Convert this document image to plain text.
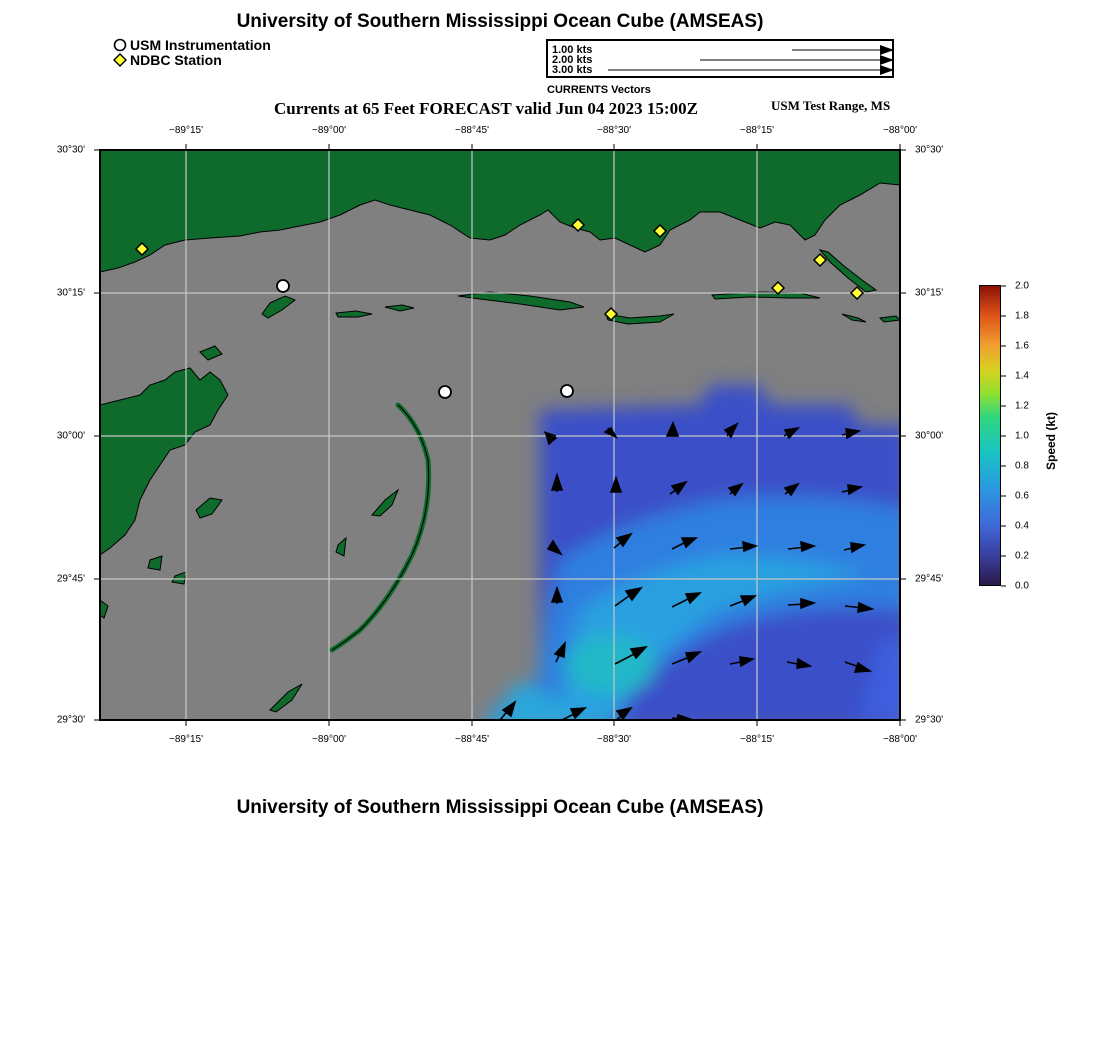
University of Southern Mississippi Ocean Cube (AMSEAS)
USM Instrumentation
NDBC Station
1.00 kts
2.00 kts
3.00 kts
CURRENTS Vectors
Currents at 65 Feet FORECAST valid Jun 04 2023 15:00Z	USM Test Range, MS
−89°15'	−89°00'	−88°45'	−88°30'	−88°15'	−88°00'
−89°15'	−89°00'	−88°45'	−88°30'	−88°15'	−88°00'
30°30'
30°15'
30°00'
29°45'
29°30'
30°30'
30°15'
30°00'
29°45'
29°30'
2.0
1.8
1.6
1.4
1.2
1.0
0.8
0.6
0.4
0.2
0.0
Speed (kt)
University of Southern Mississippi Ocean Cube (AMSEAS)
